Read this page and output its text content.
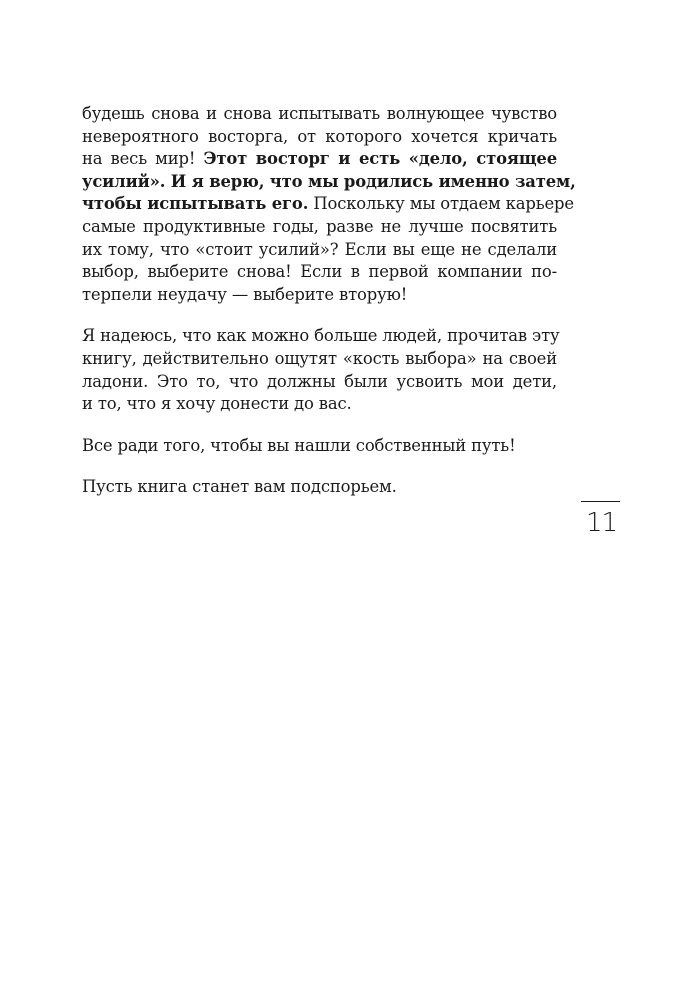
будешь снова и снова испытывать волнующее чувство
невероятного восторга, от которого хочется кричать
на весь мир! Этот восторг и есть «дело, стоящее
усилий». И я верю, что мы родились именно затем,
чтобы испытывать его. Поскольку мы отдаем карьере
самые продуктивные годы, разве не лучше посвятить
их тому, что «стоит усилий»? Если вы еще не сделали
выбор, выберите снова! Если в первой компании по-
терпели неудачу — выберите вторую!

Я надеюсь, что как можно больше людей, прочитав эту
книгу, действительно ощутят «кость выбора» на своей
ладони. Это то, что должны были усвоить мои дети,
и то, что я хочу донести до вас.

Все ради того, чтобы вы нашли собственный путь!

Пусть книга станет вам подспорьем.

11
